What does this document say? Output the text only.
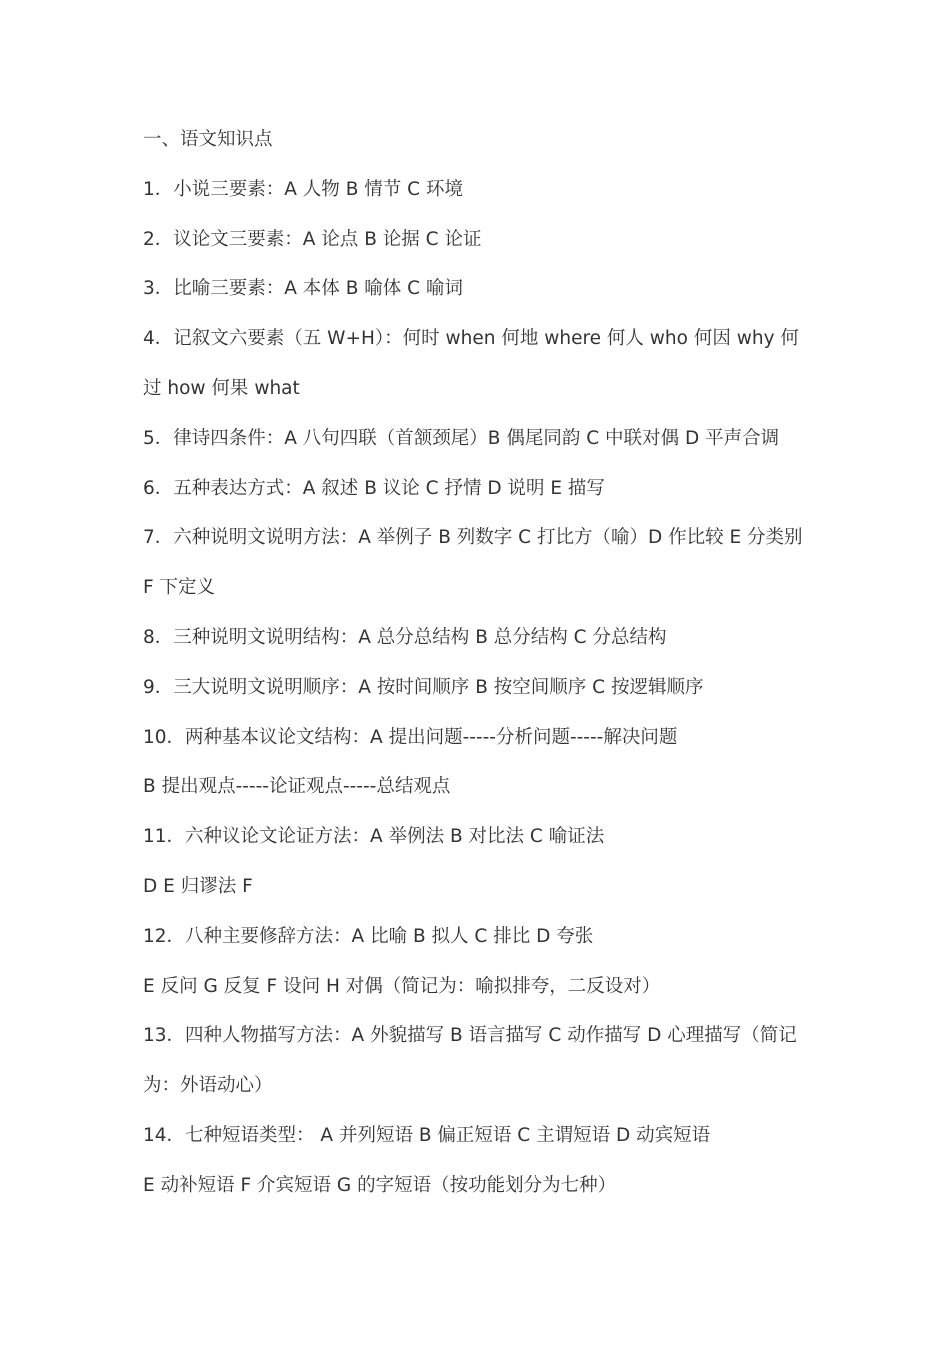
一、语文知识点
1．小说三要素：A 人物 B 情节 C 环境
2．议论文三要素：A 论点 B 论据 C 论证
3．比喻三要素：A 本体 B 喻体 C 喻词
4．记叙文六要素（五 W+H）：何时 when 何地 where 何人 who 何因 why 何
过 how 何果 what
5．律诗四条件：A 八句四联（首颔颈尾）B 偶尾同韵 C 中联对偶 D 平声合调
6．五种表达方式：A 叙述 B 议论 C 抒情 D 说明 E 描写
7．六种说明文说明方法：A 举例子 B 列数字 C 打比方（喻）D 作比较 E 分类别
F 下定义
8．三种说明文说明结构：A 总分总结构 B 总分结构 C 分总结构
9．三大说明文说明顺序：A 按时间顺序 B 按空间顺序 C 按逻辑顺序
10．两种基本议论文结构：A 提出问题-----分析问题-----解决问题
B 提出观点-----论证观点-----总结观点
11．六种议论文论证方法：A 举例法 B 对比法 C 喻证法
D E 归谬法 F
12．八种主要修辞方法：A 比喻 B 拟人 C 排比 D 夸张
E 反问 G 反复 F 设问 H 对偶（简记为：喻拟排夸，二反设对）
13．四种人物描写方法：A 外貌描写 B 语言描写 C 动作描写 D 心理描写（简记
为：外语动心）
14．七种短语类型： A 并列短语 B 偏正短语 C 主谓短语 D 动宾短语
E 动补短语 F 介宾短语 G 的字短语（按功能划分为七种）
